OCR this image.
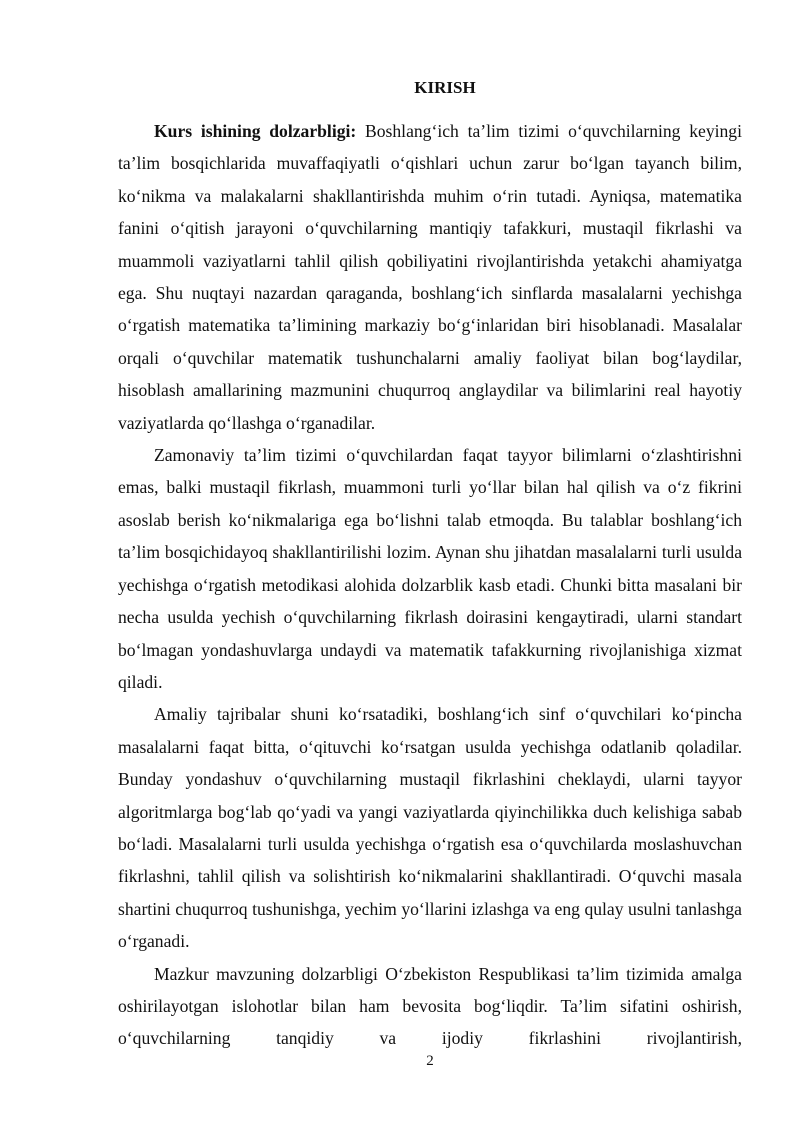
KIRISH

Kurs ishining dolzarbligi: Boshlang‘ich ta’lim tizimi o‘quvchilarning keyingi ta’lim bosqichlarida muvaffaqiyatli o‘qishlari uchun zarur bo‘lgan tayanch bilim, ko‘nikma va malakalarni shakllantirishda muhim o‘rin tutadi. Ayniqsa, matematika fanini o‘qitish jarayoni o‘quvchilarning mantiqiy tafakkuri, mustaqil fikrlashi va muammoli vaziyatlarni tahlil qilish qobiliyatini rivojlantirishda yetakchi ahamiyatga ega. Shu nuqtayi nazardan qaraganda, boshlang‘ich sinflarda masalalarni yechishga o‘rgatish matematika ta’limining markaziy bo‘g‘inlaridan biri hisoblanadi. Masalalar orqali o‘quvchilar matematik tushunchalarni amaliy faoliyat bilan bog‘laydilar, hisoblash amallarining mazmunini chuqurroq anglaydilar va bilimlarini real hayotiy vaziyatlarda qo‘llashga o‘rganadilar.

Zamonaviy ta’lim tizimi o‘quvchilardan faqat tayyor bilimlarni o‘zlashtirishni emas, balki mustaqil fikrlash, muammoni turli yo‘llar bilan hal qilish va o‘z fikrini asoslab berish ko‘nikmalariga ega bo‘lishni talab etmoqda. Bu talablar boshlang‘ich ta’lim bosqichidayoq shakllantirilishi lozim. Aynan shu jihatdan masalalarni turli usulda yechishga o‘rgatish metodikasi alohida dolzarblik kasb etadi. Chunki bitta masalani bir necha usulda yechish o‘quvchilarning fikrlash doirasini kengaytiradi, ularni standart bo‘lmagan yondashuvlarga undaydi va matematik tafakkurning rivojlanishiga xizmat qiladi.

Amaliy tajribalar shuni ko‘rsatadiki, boshlang‘ich sinf o‘quvchilari ko‘pincha masalalarni faqat bitta, o‘qituvchi ko‘rsatgan usulda yechishga odatlanib qoladilar. Bunday yondashuv o‘quvchilarning mustaqil fikrlashini cheklaydi, ularni tayyor algoritmlarga bog‘lab qo‘yadi va yangi vaziyatlarda qiyinchilikka duch kelishiga sabab bo‘ladi. Masalalarni turli usulda yechishga o‘rgatish esa o‘quvchilarda moslashuvchan fikrlashni, tahlil qilish va solishtirish ko‘nikmalarini shakllantiradi. O‘quvchi masala shartini chuqurroq tushunishga, yechim yo‘llarini izlashga va eng qulay usulni tanlashga o‘rganadi.

Mazkur mavzuning dolzarbligi O‘zbekiston Respublikasi ta’lim tizimida amalga oshirilayotgan islohotlar bilan ham bevosita bog‘liqdir. Ta’lim sifatini oshirish, o‘quvchilarning tanqidiy va ijodiy fikrlashini rivojlantirish,

2
